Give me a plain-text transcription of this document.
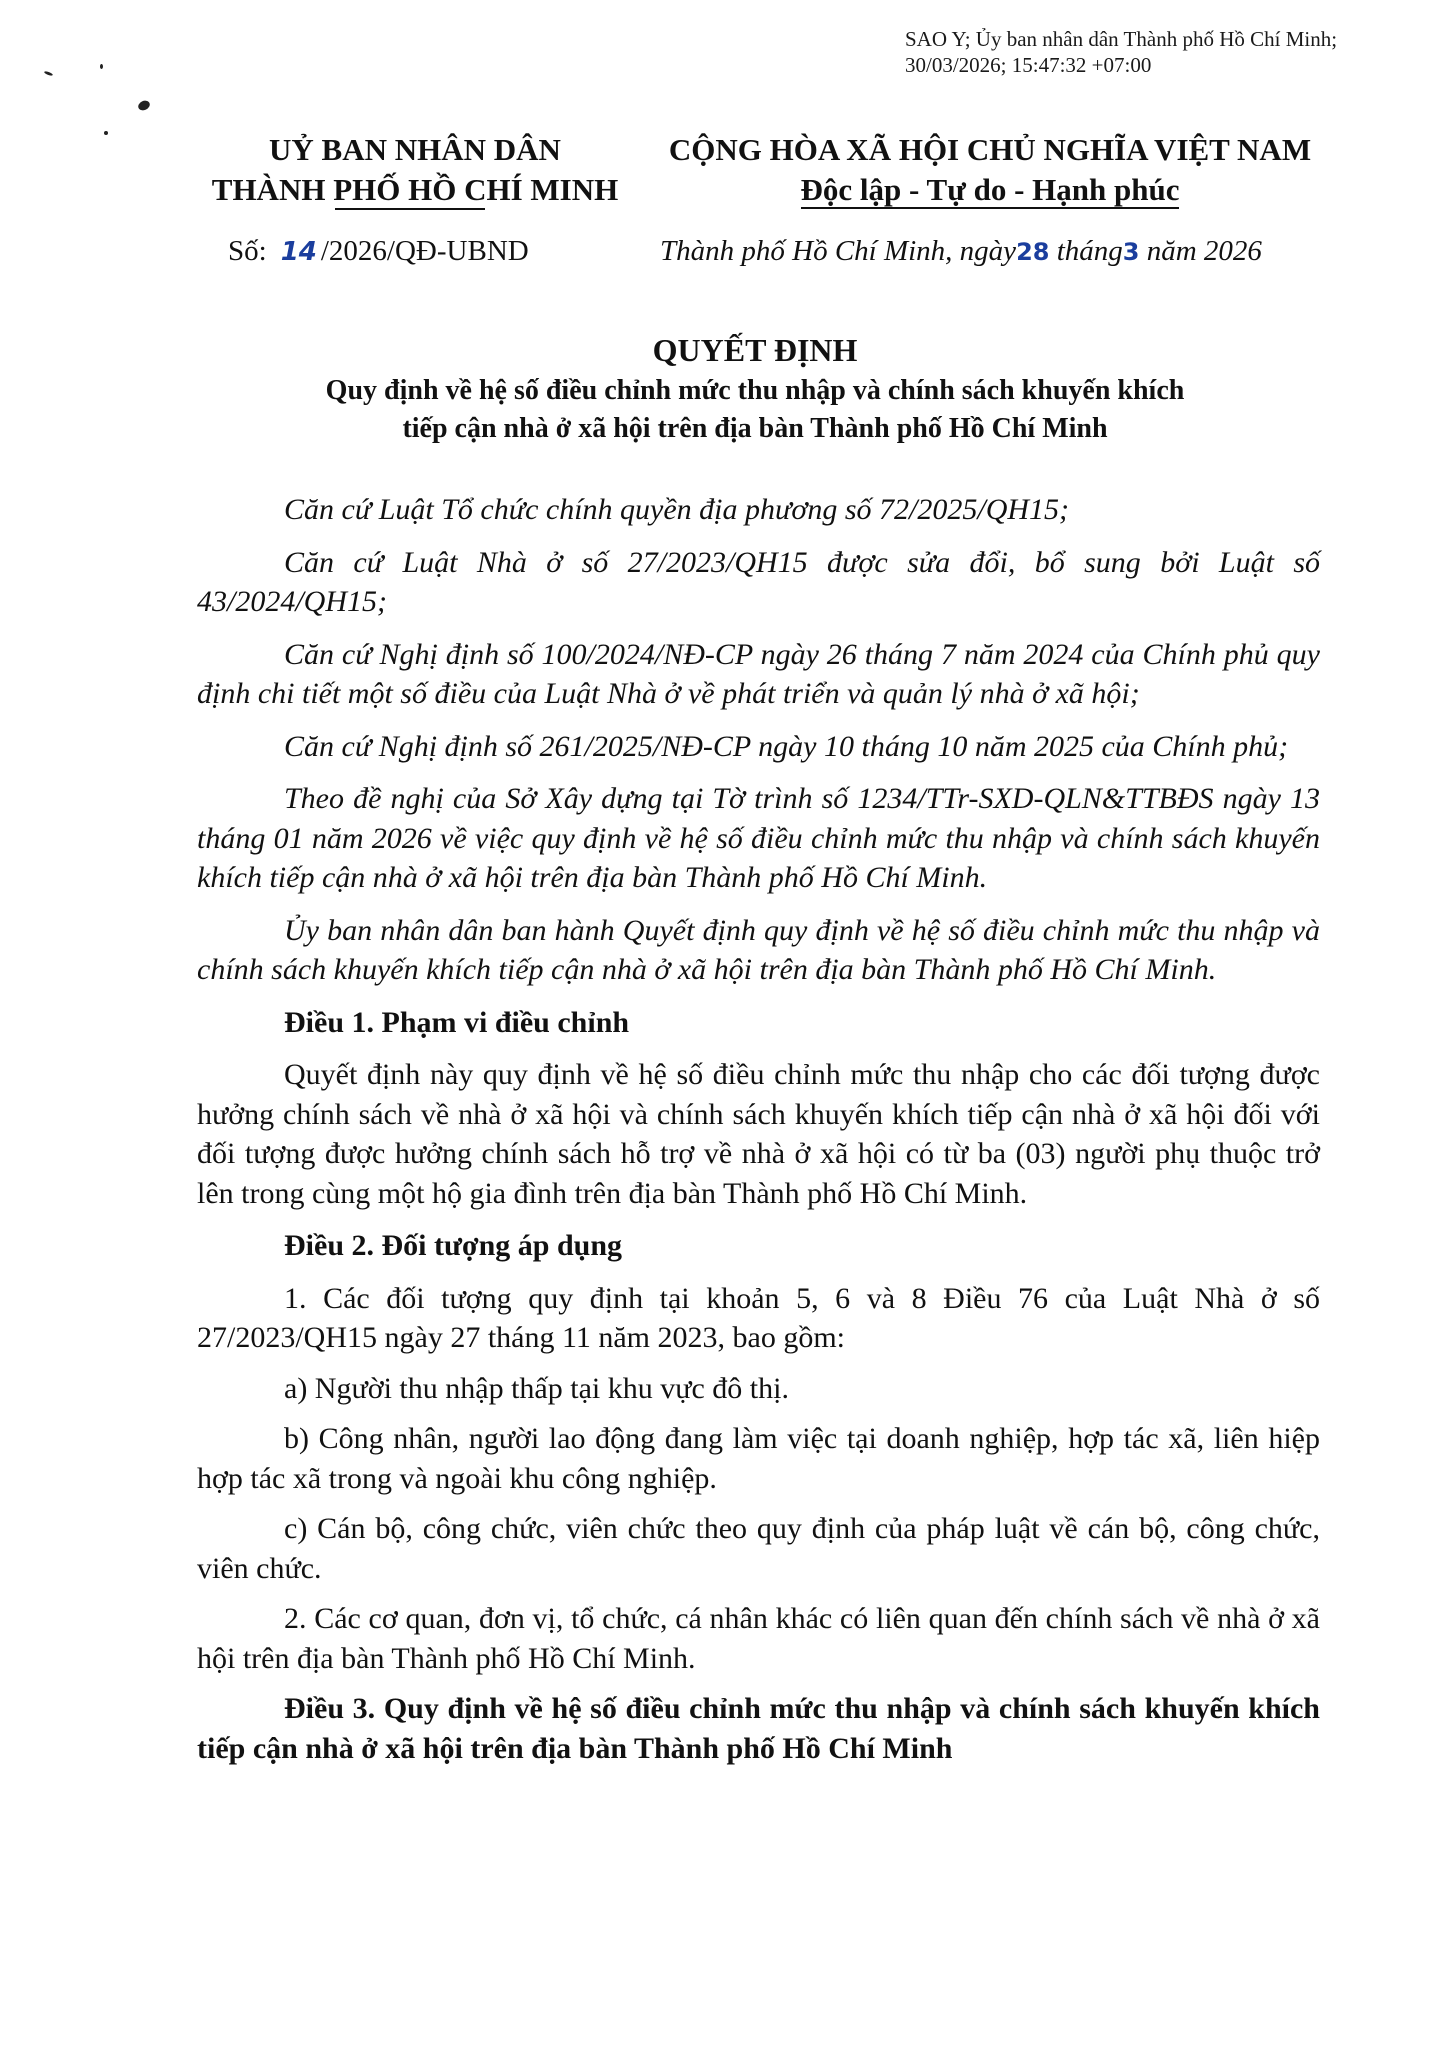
SAO Y; Ủy ban nhân dân Thành phố Hồ Chí Minh;
30/03/2026; 15:47:32 +07:00
UỶ BAN NHÂN DÂN
THÀNH PHỐ HỒ CHÍ MINH
CỘNG HÒA XÃ HỘI CHỦ NGHĨA VIỆT NAM
Độc lập - Tự do - Hạnh phúc
Số: 14 /2026/QĐ-UBND	Thành phố Hồ Chí Minh, ngày28 tháng3 năm 2026
QUYẾT ĐỊNH
Quy định về hệ số điều chỉnh mức thu nhập và chính sách khuyến khích
tiếp cận nhà ở xã hội trên địa bàn Thành phố Hồ Chí Minh

Căn cứ Luật Tổ chức chính quyền địa phương số 72/2025/QH15;

Căn cứ Luật Nhà ở số 27/2023/QH15 được sửa đổi, bổ sung bởi Luật số 43/2024/QH15;

Căn cứ Nghị định số 100/2024/NĐ-CP ngày 26 tháng 7 năm 2024 của Chính phủ quy định chi tiết một số điều của Luật Nhà ở về phát triển và quản lý nhà ở xã hội;

Căn cứ Nghị định số 261/2025/NĐ-CP ngày 10 tháng 10 năm 2025 của Chính phủ;

Theo đề nghị của Sở Xây dựng tại Tờ trình số 1234/TTr-SXD-QLN&TTBĐS ngày 13 tháng 01 năm 2026 về việc quy định về hệ số điều chỉnh mức thu nhập và chính sách khuyến khích tiếp cận nhà ở xã hội trên địa bàn Thành phố Hồ Chí Minh.

Ủy ban nhân dân ban hành Quyết định quy định về hệ số điều chỉnh mức thu nhập và chính sách khuyến khích tiếp cận nhà ở xã hội trên địa bàn Thành phố Hồ Chí Minh.

Điều 1. Phạm vi điều chỉnh

Quyết định này quy định về hệ số điều chỉnh mức thu nhập cho các đối tượng được hưởng chính sách về nhà ở xã hội và chính sách khuyến khích tiếp cận nhà ở xã hội đối với đối tượng được hưởng chính sách hỗ trợ về nhà ở xã hội có từ ba (03) người phụ thuộc trở lên trong cùng một hộ gia đình trên địa bàn Thành phố Hồ Chí Minh.

Điều 2. Đối tượng áp dụng

1. Các đối tượng quy định tại khoản 5, 6 và 8 Điều 76 của Luật Nhà ở số 27/2023/QH15 ngày 27 tháng 11 năm 2023, bao gồm:

a) Người thu nhập thấp tại khu vực đô thị.

b) Công nhân, người lao động đang làm việc tại doanh nghiệp, hợp tác xã, liên hiệp hợp tác xã trong và ngoài khu công nghiệp.

c) Cán bộ, công chức, viên chức theo quy định của pháp luật về cán bộ, công chức, viên chức.

2. Các cơ quan, đơn vị, tổ chức, cá nhân khác có liên quan đến chính sách về nhà ở xã hội trên địa bàn Thành phố Hồ Chí Minh.

Điều 3. Quy định về hệ số điều chỉnh mức thu nhập và chính sách khuyến khích tiếp cận nhà ở xã hội trên địa bàn Thành phố Hồ Chí Minh
